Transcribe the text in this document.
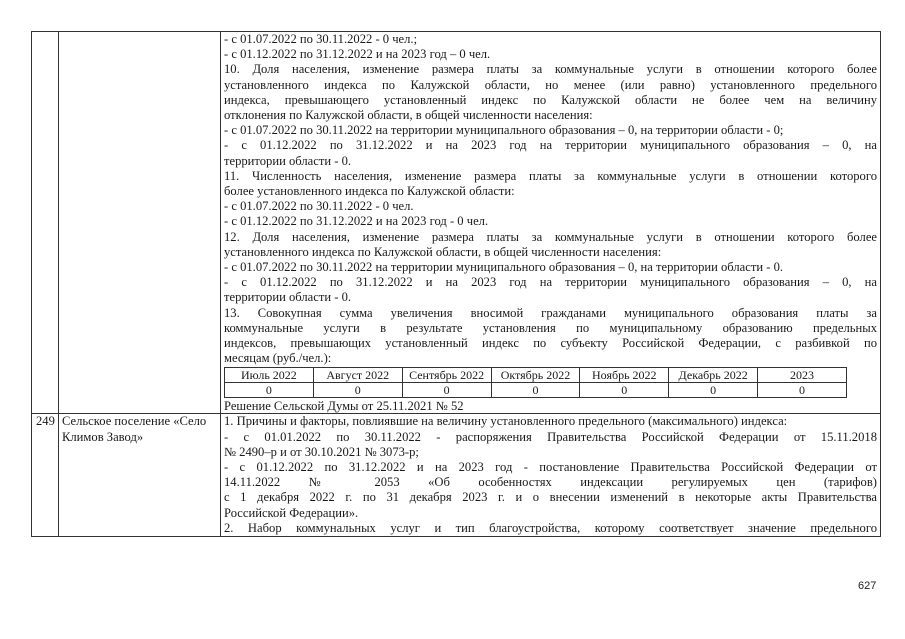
- с 01.07.2022 по 30.11.2022 - 0 чел.;
- с 01.12.2022 по 31.12.2022 и на 2023 год – 0 чел.
10. Доля населения, изменение размера платы за коммунальные услуги в отношении которого более
установленного индекса по Калужской области, но менее (или равно) установленного предельного
индекса, превышающего установленный индекс по Калужской области не более чем на величину
отклонения по Калужской области, в общей численности населения:
- с 01.07.2022 по 30.11.2022 на территории муниципального образования – 0, на территории области - 0;
- с 01.12.2022 по 31.12.2022 и на 2023 год на территории муниципального образования – 0, на
территории области - 0.
11. Численность населения, изменение размера платы за коммунальные услуги в отношении которого
более установленного индекса по Калужской области:
- с 01.07.2022 по 30.11.2022 - 0 чел.
- с 01.12.2022 по 31.12.2022 и на 2023 год - 0 чел.
12. Доля населения, изменение размера платы за коммунальные услуги в отношении которого более
установленного индекса по Калужской области, в общей численности населения:
- с 01.07.2022 по 30.11.2022 на территории муниципального образования – 0, на территории области - 0.
- с 01.12.2022 по 31.12.2022 и на 2023 год на территории муниципального образования – 0, на
территории области - 0.
13. Совокупная сумма увеличения вносимой гражданами муниципального образования платы за
коммунальные услуги в результате установления по муниципальному образованию предельных
индексов, превышающих установленный индекс по субъекту Российской Федерации, с разбивкой по
месяцам (руб./чел.):
Июль 2022	Август 2022	Сентябрь 2022	Октябрь 2022	Ноябрь 2022	Декабрь 2022	2023
0	0	0	0	0	0	0
Решение Сельской Думы от 25.11.2021 № 52

249	Сельское поселение «Село Климов Завод»	
1. Причины и факторы, повлиявшие на величину установленного предельного (максимального) индекса:
- с 01.01.2022 по 30.11.2022 - распоряжения Правительства Российской Федерации от 15.11.2018
№ 2490–р и от 30.10.2021 № 3073-р;
- с 01.12.2022 по 31.12.2022 и на 2023 год - постановление Правительства Российской Федерации от
14.11.2022 № 2053 «Об особенностях индексации регулируемых цен (тарифов)
с 1 декабря 2022 г. по 31 декабря 2023 г. и о внесении изменений в некоторые акты Правительства
Российской Федерации».
2. Набор коммунальных услуг и тип благоустройства, которому соответствует значение предельного
627
